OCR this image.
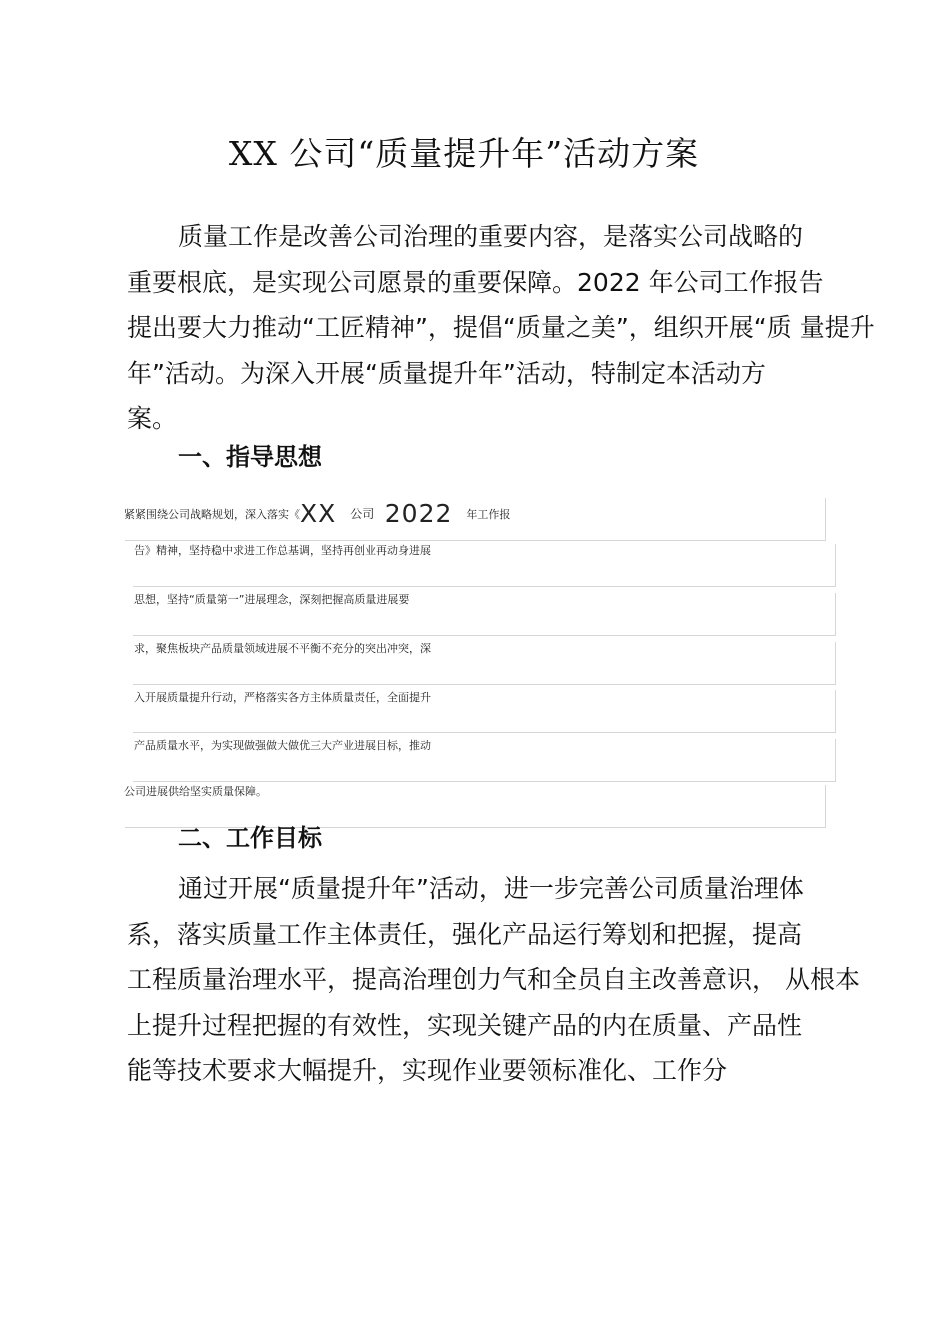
XX 公司“质量提升年”活动方案

质量工作是改善公司治理的重要内容，是落实公司战略的
重要根底，是实现公司愿景的重要保障。2022 年公司工作报告
提出要大力推动“工匠精神”，提倡“质量之美”，组织开展“质 量提升
年”活动。为深入开展“质量提升年”活动，特制定本活动方
案。

一、指导思想
紧紧围绕公司战略规划，深入落实《XX 公司 2022 年工作报
告》精神，坚持稳中求进工作总基调，坚持再创业再动身进展
思想，坚持“质量第一”进展理念，深刻把握高质量进展要
求，聚焦板块产品质量领域进展不平衡不充分的突出冲突，深
入开展质量提升行动，严格落实各方主体质量责任，全面提升
产品质量水平，为实现做强做大做优三大产业进展目标，推动
公司进展供给坚实质量保障。
二、工作目标

通过开展“质量提升年”活动，进一步完善公司质量治理体
系，落实质量工作主体责任，强化产品运行筹划和把握，提高
工程质量治理水平，提高治理创力气和全员自主改善意识， 从根本
上提升过程把握的有效性，实现关键产品的内在质量、产品性
能等技术要求大幅提升，实现作业要领标准化、工作分
